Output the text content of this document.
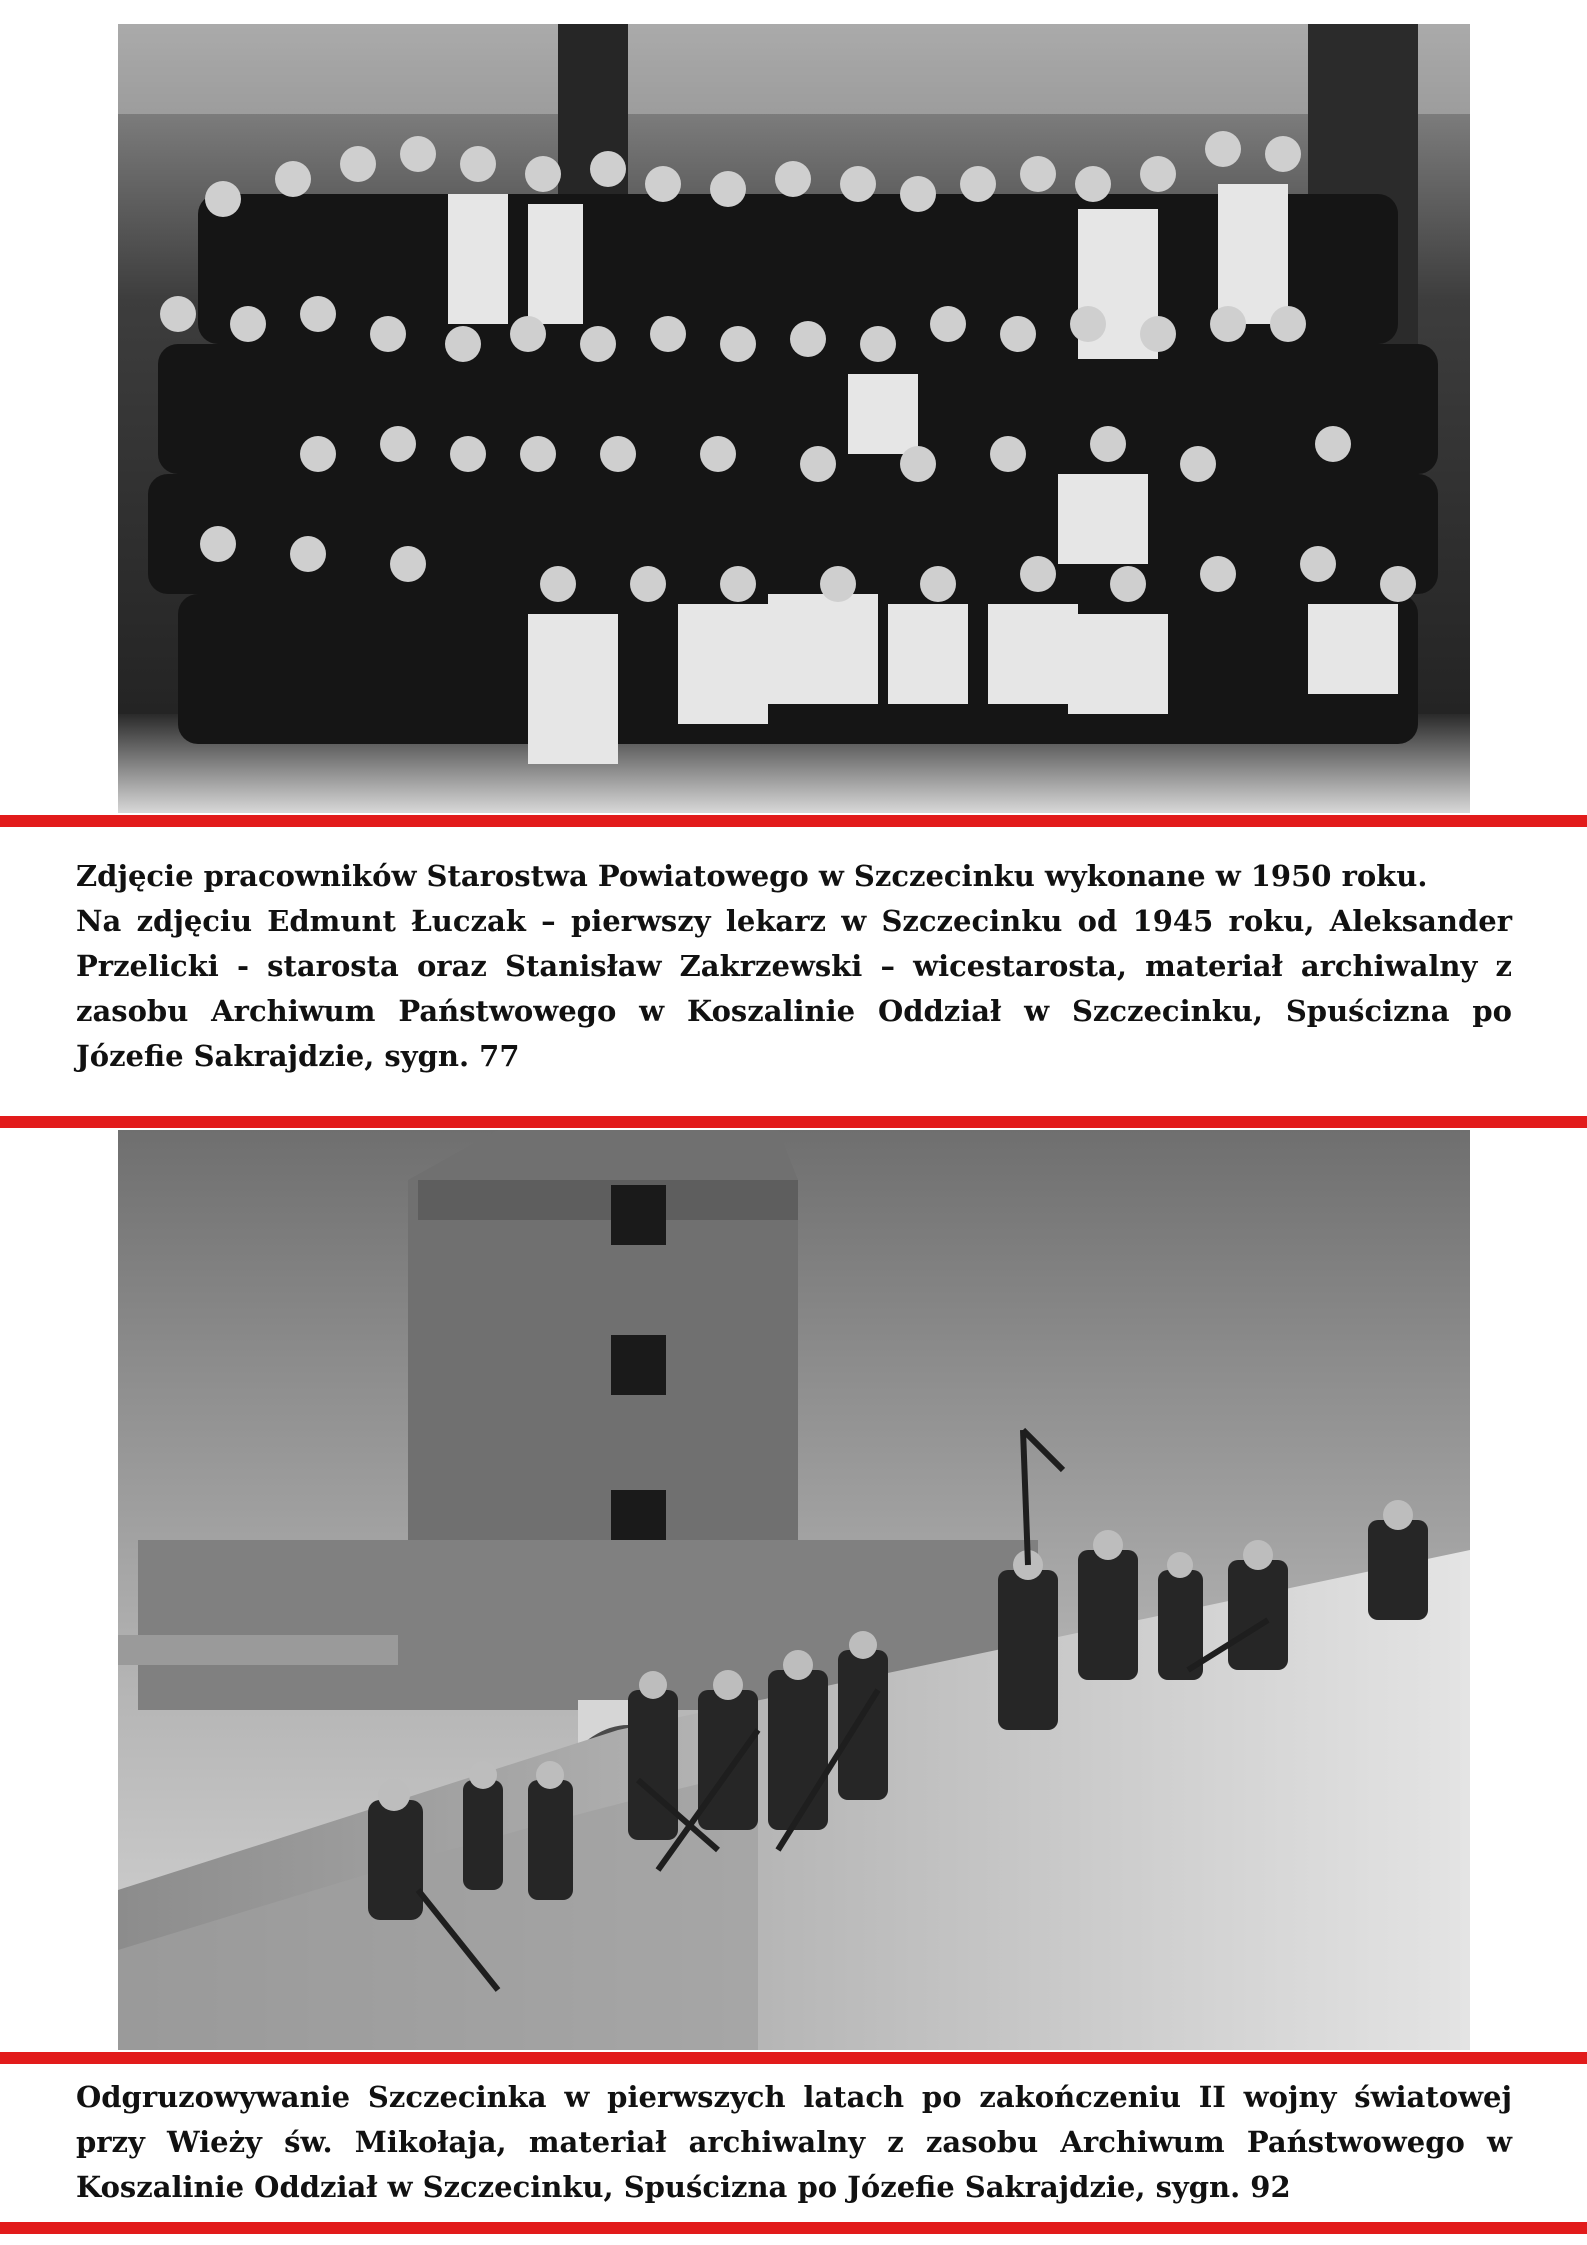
Zdjęcie pracowników Starostwa Powiatowego w Szczecinku wykonane w 1950 roku.
Na zdjęciu Edmunt Łuczak – pierwszy lekarz w Szczecinku od 1945 roku, Aleksander Przelicki - starosta oraz Stanisław Zakrzewski – wicestarosta, materiał archiwalny z zasobu Archiwum Państwowego w Koszalinie Oddział w Szczecinku, Spuścizna po Józefie Sakrajdzie, sygn. 77

Odgruzowywanie Szczecinka w pierwszych latach po zakończeniu II wojny światowej przy Wieży św. Mikołaja, materiał archiwalny z zasobu Archiwum Państwowego w Koszalinie Oddział w Szczecinku, Spuścizna po Józefie Sakrajdzie, sygn. 92
